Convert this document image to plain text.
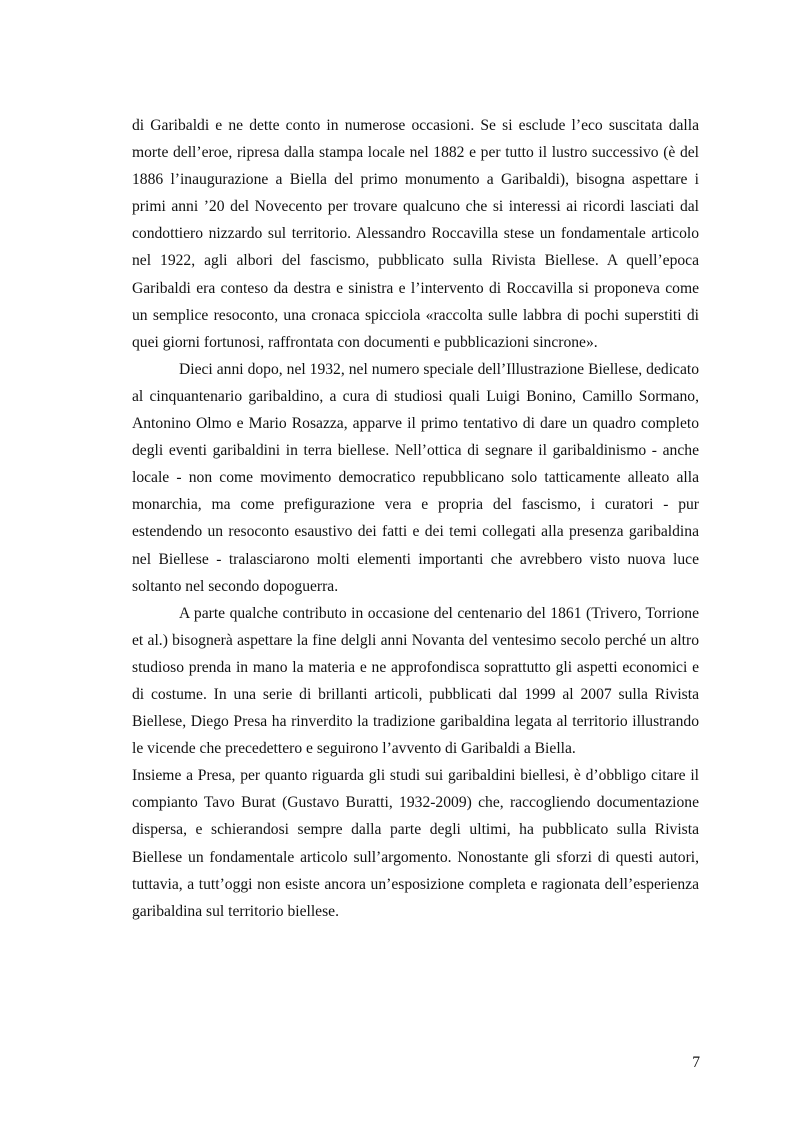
di Garibaldi e ne dette conto in numerose occasioni. Se si esclude l’eco suscitata dalla morte dell’eroe, ripresa dalla stampa locale nel 1882 e per tutto il lustro successivo (è del 1886 l’inaugurazione a Biella del primo monumento a Garibaldi), bisogna aspettare i primi anni ’20 del Novecento per trovare qualcuno che si interessi ai ricordi lasciati dal condottiero nizzardo sul territorio. Alessandro Roccavilla stese un fondamentale articolo nel 1922, agli albori del fascismo, pubblicato sulla Rivista Biellese. A quell’epoca Garibaldi era conteso da destra e sinistra e l’intervento di Roccavilla si proponeva come un semplice resoconto, una cronaca spicciola «raccolta sulle labbra di pochi superstiti di quei giorni fortunosi, raffrontata con documenti e pubblicazioni sincrone».

Dieci anni dopo, nel 1932, nel numero speciale dell’Illustrazione Biellese, dedicato al cinquantenario garibaldino, a cura di studiosi quali Luigi Bonino, Camillo Sormano, Antonino Olmo e Mario Rosazza, apparve il primo tentativo di dare un quadro completo degli eventi garibaldini in terra biellese. Nell’ottica di segnare il garibaldinismo - anche locale - non come movimento democratico repubblicano solo tatticamente alleato alla monarchia, ma come prefigurazione vera e propria del fascismo, i curatori - pur estendendo un resoconto esaustivo dei fatti e dei temi collegati alla presenza garibaldina nel Biellese - tralasciarono molti elementi importanti che avrebbero visto nuova luce soltanto nel secondo dopoguerra.

A parte qualche contributo in occasione del centenario del 1861 (Trivero, Torrione et al.) bisognerà aspettare la fine delgli anni Novanta del ventesimo secolo perché un altro studioso prenda in mano la materia e ne approfondisca soprattutto gli aspetti economici e di costume. In una serie di brillanti articoli, pubblicati dal 1999 al 2007 sulla Rivista Biellese, Diego Presa ha rinverdito la tradizione garibaldina legata al territorio illustrando le vicende che precedettero e seguirono l’avvento di Garibaldi a Biella.

Insieme a Presa, per quanto riguarda gli studi sui garibaldini biellesi, è d’obbligo citare il compianto Tavo Burat (Gustavo Buratti, 1932-2009) che, raccogliendo documentazione dispersa, e schierandosi sempre dalla parte degli ultimi, ha pubblicato sulla Rivista Biellese un fondamentale articolo sull’argomento. Nonostante gli sforzi di questi autori, tuttavia, a tutt’oggi non esiste ancora un’esposizione completa e ragionata dell’esperienza garibaldina sul territorio biellese.

7
